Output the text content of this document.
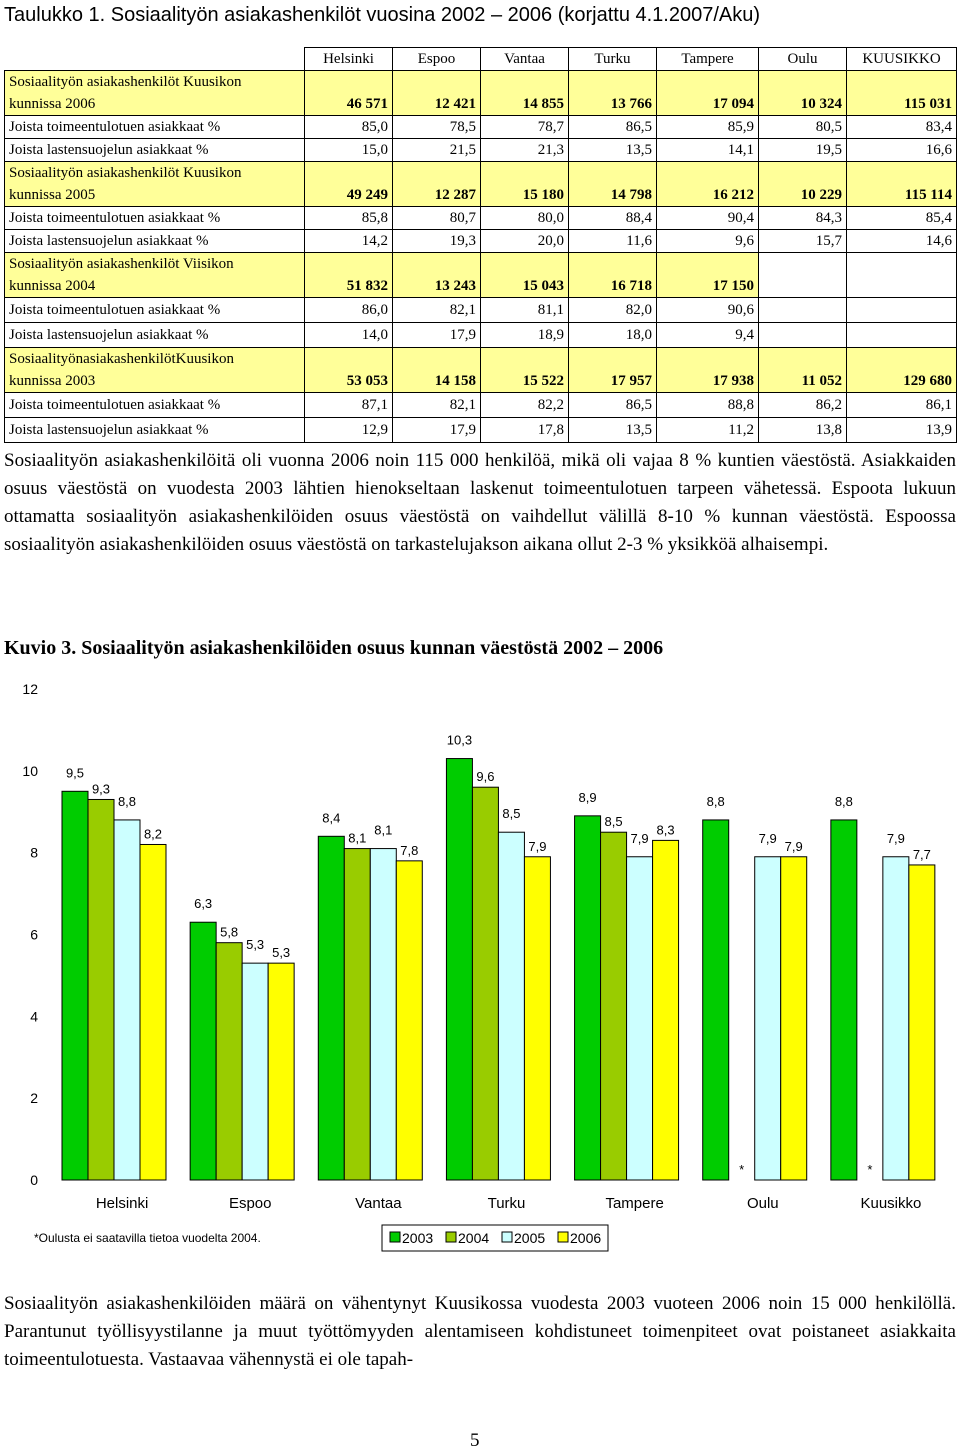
Taulukko 1. Sosiaalityön asiakashenkilöt vuosina 2002 – 2006 (korjattu 4.1.2007/Aku)
	Helsinki	Espoo	Vantaa	Turku	Tampere	Oulu	KUUSIKKO
Sosiaalityön asiakashenkilöt Kuusikon							
kunnissa 2006	46 571	12 421	14 855	13 766	17 094	10 324	115 031
Joista toimeentulotuen asiakkaat %	85,0	78,5	78,7	86,5	85,9	80,5	83,4
Joista lastensuojelun asiakkaat %	15,0	21,5	21,3	13,5	14,1	19,5	16,6
Sosiaalityön asiakashenkilöt Kuusikon							
kunnissa 2005	49 249	12 287	15 180	14 798	16 212	10 229	115 114
Joista toimeentulotuen asiakkaat %	85,8	80,7	80,0	88,4	90,4	84,3	85,4
Joista lastensuojelun asiakkaat %	14,2	19,3	20,0	11,6	9,6	15,7	14,6
Sosiaalityön asiakashenkilöt Viisikon							
kunnissa 2004	51 832	13 243	15 043	16 718	17 150		
Joista toimeentulotuen asiakkaat %	86,0	82,1	81,1	82,0	90,6		
Joista lastensuojelun asiakkaat %	14,0	17,9	18,9	18,0	9,4		
SosiaalityönasiakashenkilötKuusikon							
kunnissa 2003	53 053	14 158	15 522	17 957	17 938	11 052	129 680
Joista toimeentulotuen asiakkaat %	87,1	82,1	82,2	86,5	88,8	86,2	86,1
Joista lastensuojelun asiakkaat %	12,9	17,9	17,8	13,5	11,2	13,8	13,9
Sosiaalityön asiakashenkilöitä oli vuonna 2006 noin 115 000 henkilöä, mikä oli vajaa 8 % kuntien väestöstä. Asiakkaiden osuus väestöstä on vuodesta 2003 lähtien hienokseltaan laskenut toimeentulotuen tarpeen vähetessä. Espoota lukuun ottamatta sosiaalityön asiakashenkilöiden osuus väestöstä on vaihdellut välillä 8-10 % kunnan väestöstä. Espoossa sosiaalityön asiakashenkilöiden osuus väestöstä on tarkastelujakson aikana ollut 2-3 % yksikköä alhaisempi.
Kuvio 3. Sosiaalityön asiakashenkilöiden osuus kunnan väestöstä 2002 – 2006
0
2
4
6
8
10
12
9,5
9,3
8,8
8,2
Helsinki
6,3
5,8
5,3
5,3
Espoo
8,4
8,1
8,1
7,8
Vantaa
10,3
9,6
8,5
7,9
Turku
8,9
8,5
7,9
8,3
Tampere
8,8
*
7,9
7,9
Oulu
8,8
*
7,9
7,7
Kuusikko
*Oulusta ei saatavilla tietoa vuodelta 2004.	2003 2004 2005 2006
Sosiaalityön asiakashenkilöiden määrä on vähentynyt Kuusikossa vuodesta 2003 vuoteen 2006 noin 15 000 henkilöllä. Parantunut työllisyystilanne ja muut työttömyyden alentamiseen kohdistuneet toimenpiteet ovat poistaneet asiakkaita toimeentulotuesta. Vastaavaa vähennystä ei ole tapah-
5
